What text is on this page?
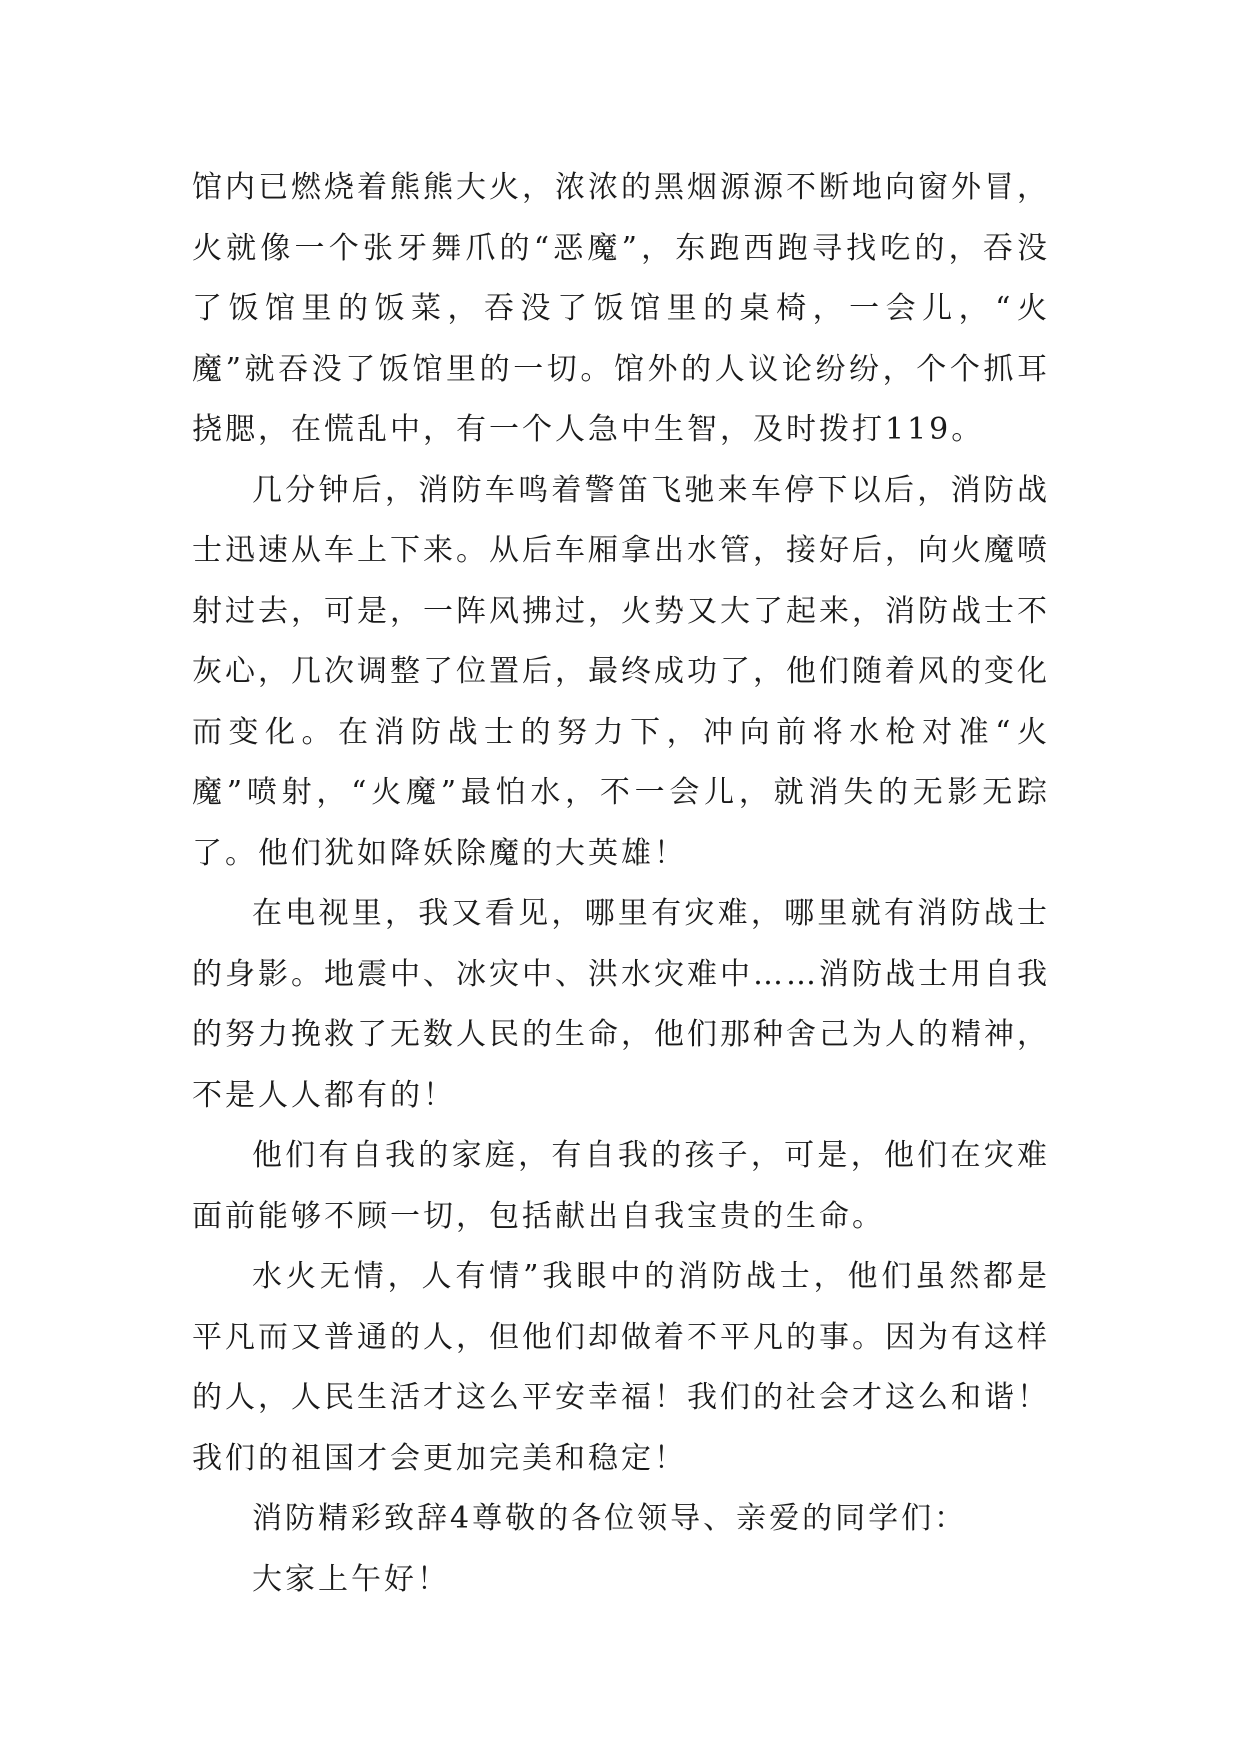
馆内已燃烧着熊熊大火，浓浓的黑烟源源不断地向窗外冒，火就像一个张牙舞爪的“恶魔”，东跑西跑寻找吃的，吞没了饭馆里的饭菜，吞没了饭馆里的桌椅，一会儿，“火魔”就吞没了饭馆里的一切。馆外的人议论纷纷，个个抓耳挠腮，在慌乱中，有一个人急中生智，及时拨打119。

几分钟后，消防车鸣着警笛飞驰来车停下以后，消防战士迅速从车上下来。从后车厢拿出水管，接好后，向火魔喷射过去，可是，一阵风拂过，火势又大了起来，消防战士不灰心，几次调整了位置后，最终成功了，他们随着风的变化而变化。在消防战士的努力下，冲向前将水枪对准“火魔”喷射，“火魔”最怕水，不一会儿，就消失的无影无踪了。他们犹如降妖除魔的大英雄！

在电视里，我又看见，哪里有灾难，哪里就有消防战士的身影。地震中、冰灾中、洪水灾难中……消防战士用自我的努力挽救了无数人民的生命，他们那种舍己为人的精神，不是人人都有的！

他们有自我的家庭，有自我的孩子，可是，他们在灾难面前能够不顾一切，包括献出自我宝贵的生命。

水火无情，人有情”我眼中的消防战士，他们虽然都是平凡而又普通的人，但他们却做着不平凡的事。因为有这样的人，人民生活才这么平安幸福！我们的社会才这么和谐！我们的祖国才会更加完美和稳定！

消防精彩致辞4尊敬的各位领导、亲爱的同学们：

大家上午好！
